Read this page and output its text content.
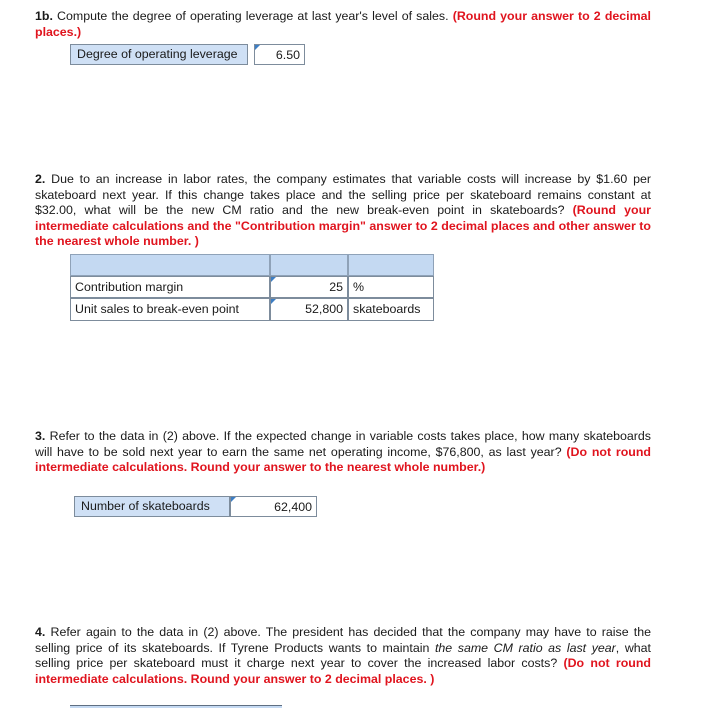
1b. Compute the degree of operating leverage at last year's level of sales. (Round your answer to 2 decimal places.)
Degree of operating leverage	6.50
2. Due to an increase in labor rates, the company estimates that variable costs will increase by $1.60 per skateboard next year. If this change takes place and the selling price per skateboard remains constant at $32.00, what will be the new CM ratio and the new break-even point in skateboards? (Round your intermediate calculations and the "Contribution margin" answer to 2 decimal places and other answer to the nearest whole number. )
Contribution margin	25 %
Unit sales to break-even point	52,800 skateboards
3. Refer to the data in (2) above. If the expected change in variable costs takes place, how many skateboards will have to be sold next year to earn the same net operating income, $76,800, as last year? (Do not round intermediate calculations. Round your answer to the nearest whole number.)
Number of skateboards	62,400
4. Refer again to the data in (2) above. The president has decided that the company may have to raise the selling price of its skateboards. If Tyrene Products wants to maintain the same CM ratio as last year, what selling price per skateboard must it charge next year to cover the increased labor costs? (Do not round intermediate calculations. Round your answer to 2 decimal places. )
